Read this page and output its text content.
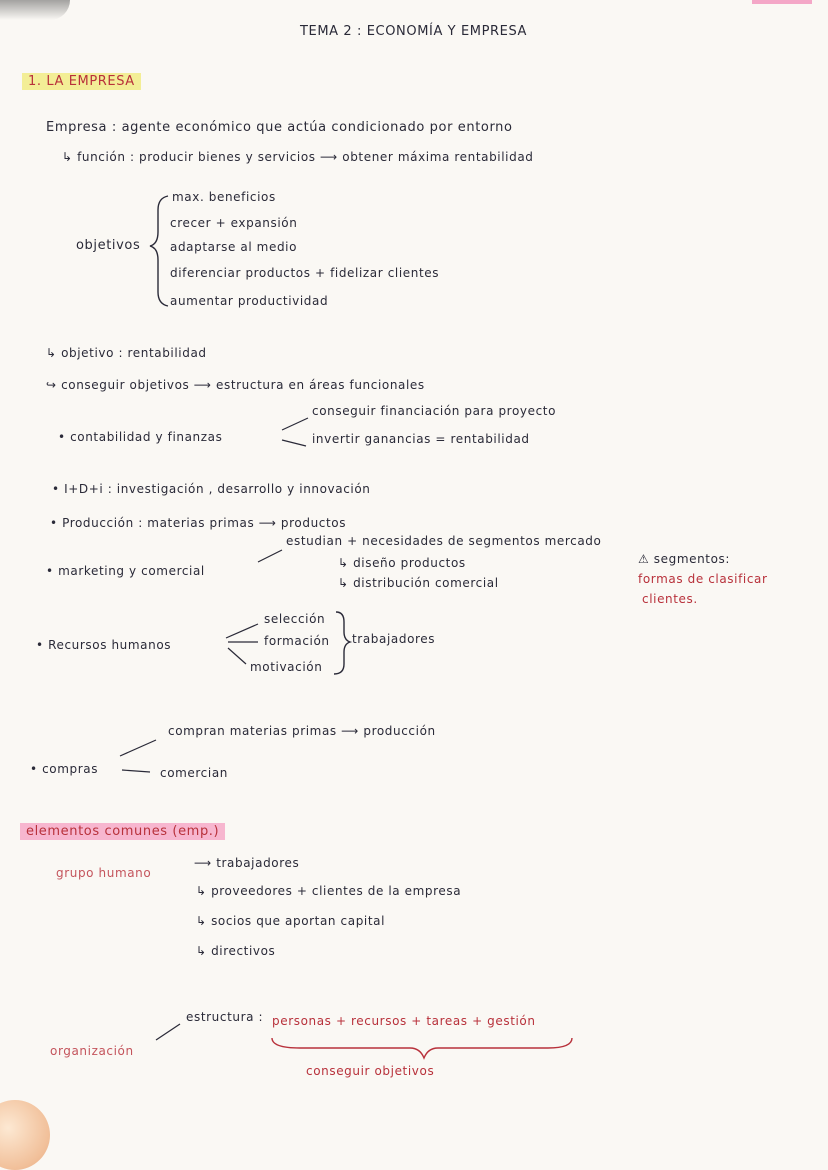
TEMA 2 : ECONOMÍA Y EMPRESA
1. LA EMPRESA
Empresa : agente económico que actúa condicionado por entorno
↳ función : producir bienes y servicios ⟶ obtener máxima rentabilidad
objetivos
max. beneficios
crecer + expansión
adaptarse al medio
diferenciar productos + fidelizar clientes
aumentar productividad
↳ objetivo : rentabilidad
↪ conseguir objetivos ⟶ estructura en áreas funcionales
• contabilidad y finanzas
conseguir financiación para proyecto
invertir ganancias = rentabilidad
• I+D+i : investigación , desarrollo y innovación
• Producción : materias primas ⟶ productos
• marketing y comercial
estudian + necesidades de segmentos mercado
↳ diseño productos
↳ distribución comercial
⚠ segmentos:
formas de clasificar
clientes.
• Recursos humanos
selección
formación
motivación
trabajadores
compran materias primas ⟶ producción
• compras	comercian
elementos comunes (emp.)
grupo humano
⟶ trabajadores
↳ proveedores + clientes de la empresa
↳ socios que aportan capital
↳ directivos
estructura : personas + recursos + tareas + gestión
organización
conseguir objetivos
